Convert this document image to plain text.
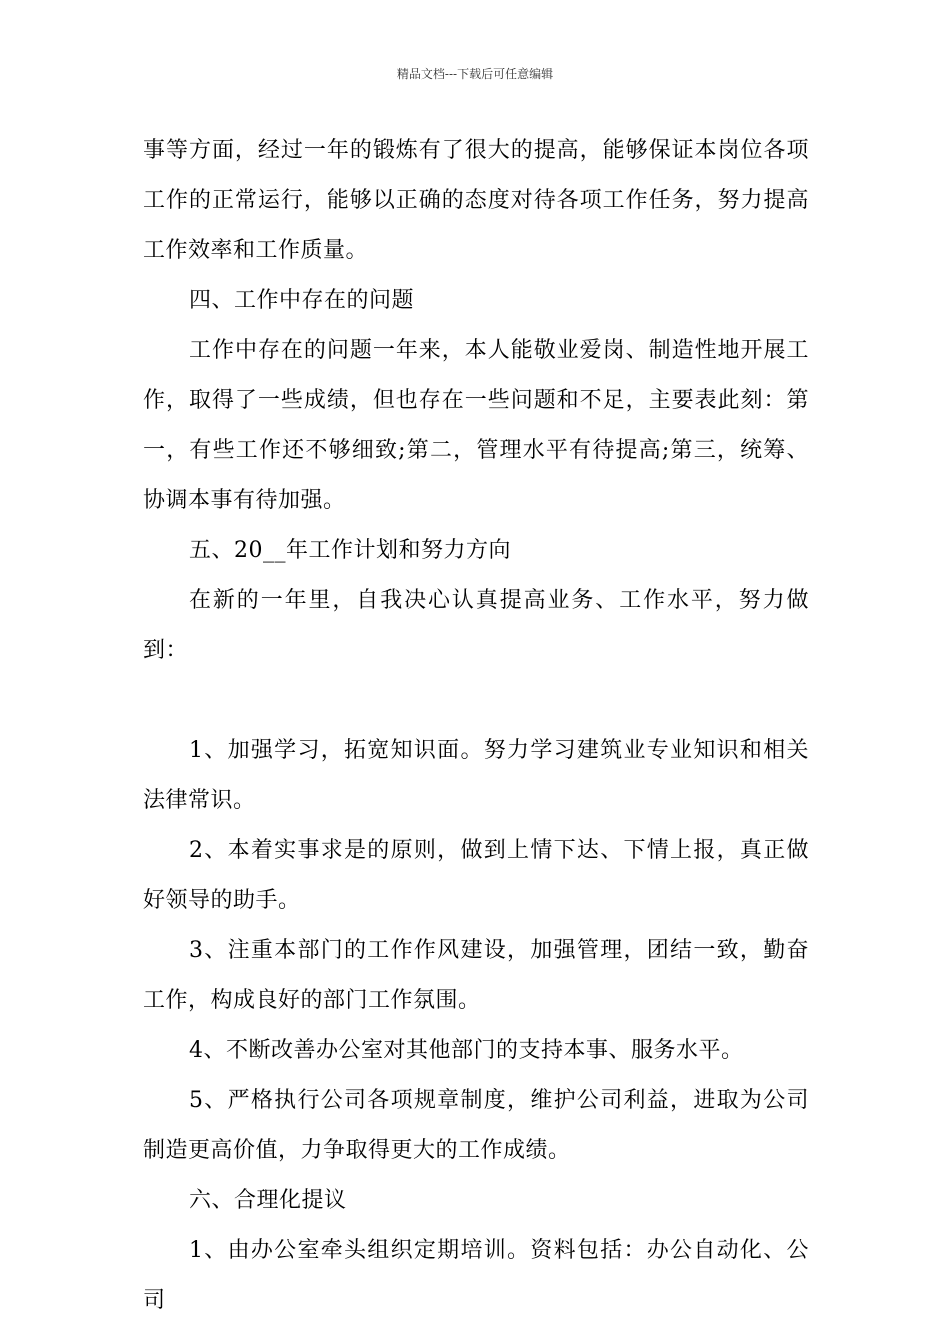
精品文档---下载后可任意编辑

事等方面，经过一年的锻炼有了很大的提高，能够保证本岗位各项工作的正常运行，能够以正确的态度对待各项工作任务，努力提高工作效率和工作质量。

四、工作中存在的问题

工作中存在的问题一年来，本人能敬业爱岗、制造性地开展工作，取得了一些成绩，但也存在一些问题和不足，主要表此刻：第一，有些工作还不够细致;第二，管理水平有待提高;第三，统筹、协调本事有待加强。

五、20__年工作计划和努力方向

在新的一年里，自我决心认真提高业务、工作水平，努力做到：

1、加强学习，拓宽知识面。努力学习建筑业专业知识和相关法律常识。

2、本着实事求是的原则，做到上情下达、下情上报，真正做好领导的助手。

3、注重本部门的工作作风建设，加强管理，团结一致，勤奋工作，构成良好的部门工作氛围。

4、不断改善办公室对其他部门的支持本事、服务水平。

5、严格执行公司各项规章制度，维护公司利益，进取为公司制造更高价值，力争取得更大的工作成绩。

六、合理化提议

1、由办公室牵头组织定期培训。资料包括：办公自动化、公司
